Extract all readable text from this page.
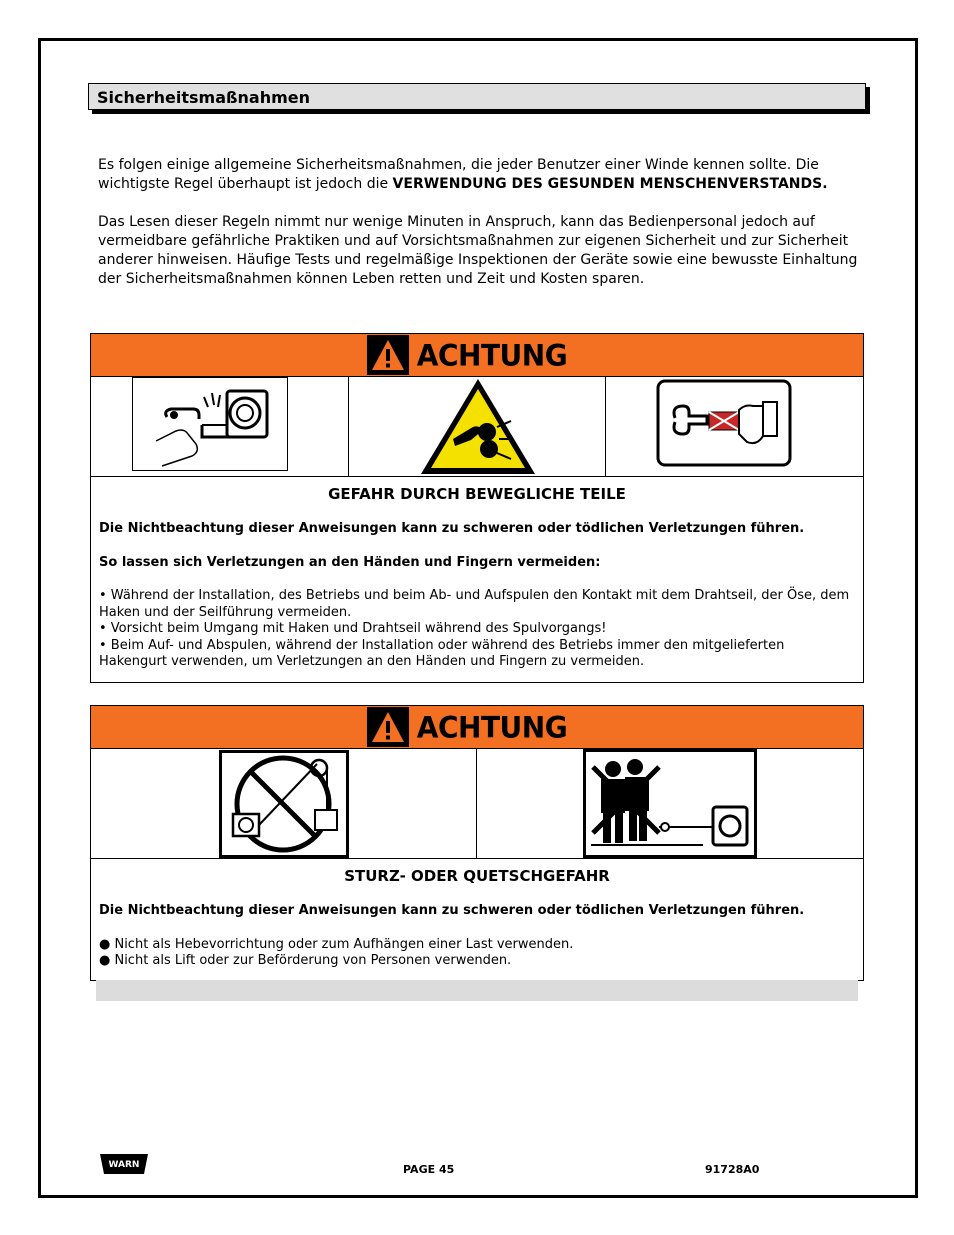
Sicherheitsmaßnahmen
Es folgen einige allgemeine Sicherheitsmaßnahmen, die jeder Benutzer einer Winde kennen sollte. Die wichtigste Regel überhaupt ist jedoch die VERWENDUNG DES GESUNDEN MENSCHENVERSTANDS.
Das Lesen dieser Regeln nimmt nur wenige Minuten in Anspruch, kann das Bedienpersonal jedoch auf vermeidbare gefährliche Praktiken und auf Vorsichtsmaßnahmen zur eigenen Sicherheit und zur Sicherheit anderer hinweisen. Häufige Tests und regelmäßige Inspektionen der Geräte sowie eine bewusste Einhaltung der Sicherheitsmaßnahmen können Leben retten und Zeit und Kosten sparen.
ACHTUNG
©1998 HCS, Inc. 800-748-0241 No. 1016B-0101
GEFAHR DURCH BEWEGLICHE TEILE
Die Nichtbeachtung dieser Anweisungen kann zu schweren oder tödlichen Verletzungen führen.
So lassen sich Verletzungen an den Händen und Fingern vermeiden:
• Während der Installation, des Betriebs und beim Ab- und Aufspulen den Kontakt mit dem Drahtseil, der Öse, dem Haken und der Seilführung vermeiden.
• Vorsicht beim Umgang mit Haken und Drahtseil während des Spulvorgangs!
• Beim Auf- und Abspulen, während der Installation oder während des Betriebs immer den mitgelieferten Hakengurt verwenden, um Verletzungen an den Händen und Fingern zu vermeiden.
ACHTUNG
STURZ- ODER QUETSCHGEFAHR
Die Nichtbeachtung dieser Anweisungen kann zu schweren oder tödlichen Verletzungen führen.
● Nicht als Hebevorrichtung oder zum Aufhängen einer Last verwenden.
● Nicht als Lift oder zur Beförderung von Personen verwenden.
WARN	PAGE 45	91728A0
